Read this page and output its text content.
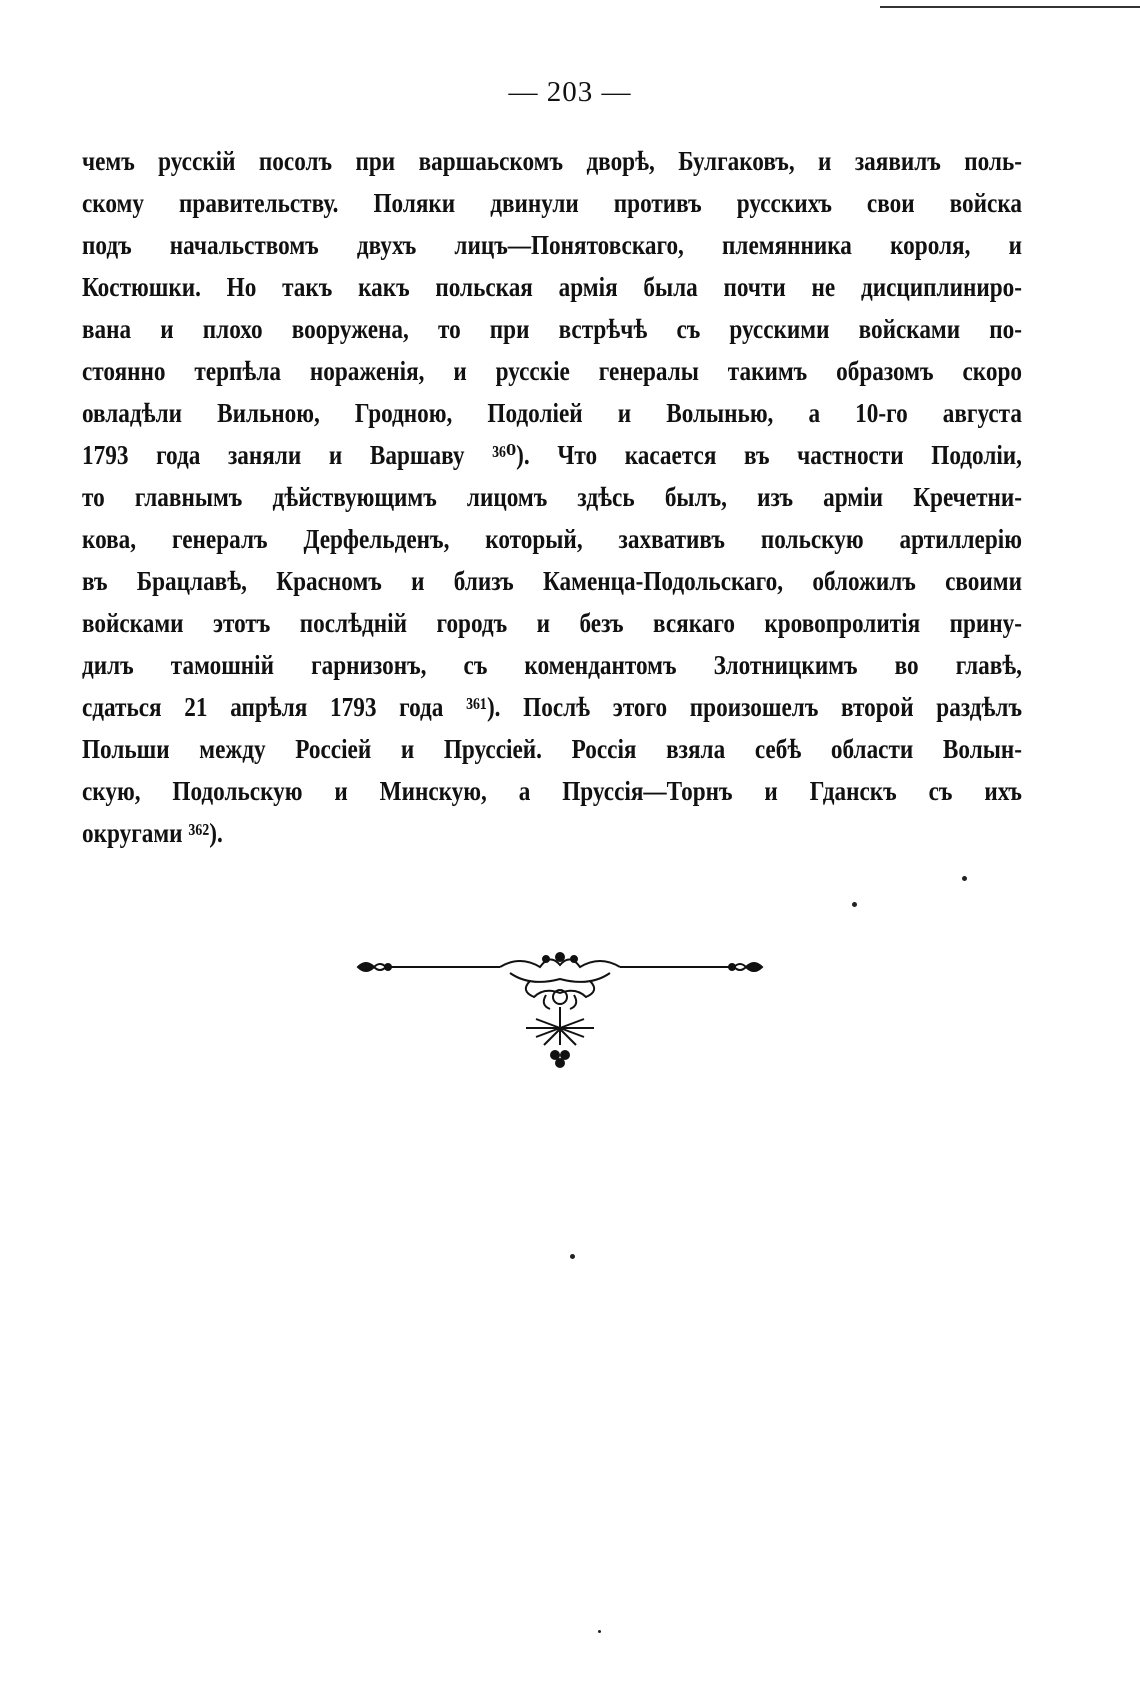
— 203 —
чемъ русскій посолъ при варшаьскомъ дворѣ, Булгаковъ, и заявилъ поль-
скому правительству. Поляки двинули противъ русскихъ свои войска
подъ начальствомъ двухъ лицъ—Понятовскаго, племянника короля, и
Костюшки. Но такъ какъ польская армія была почти не дисциплиниро-
вана и плохо вооружена, то при встрѣчѣ съ русскими войсками по-
стоянно терпѣла нораженія, и русскіе генералы такимъ образомъ скоро
овладѣли Вильною, Гродною, Подоліей и Волынью, а 10-го августа
1793 года заняли и Варшаву ³⁶⁰). Что касается въ частности Подоліи,
то главнымъ дѣйствующимъ лицомъ здѣсь былъ, изъ арміи Кречетни-
кова, генералъ Дерфельденъ, который, захвативъ польскую артиллерію
въ Брацлавѣ, Красномъ и близъ Каменца-Подольскаго, обложилъ своими
войсками этотъ послѣдній городъ и безъ всякаго кровопролитія прину-
дилъ тамошній гарнизонъ, съ комендантомъ Злотницкимъ во главѣ,
сдаться 21 апрѣля 1793 года ³⁶¹). Послѣ этого произошелъ второй раздѣлъ
Польши между Россіей и Пруссіей. Россія взяла себѣ области Волын-
скую, Подольскую и Минскую, а Пруссія—Торнъ и Гданскъ съ ихъ
округами ³⁶²).
